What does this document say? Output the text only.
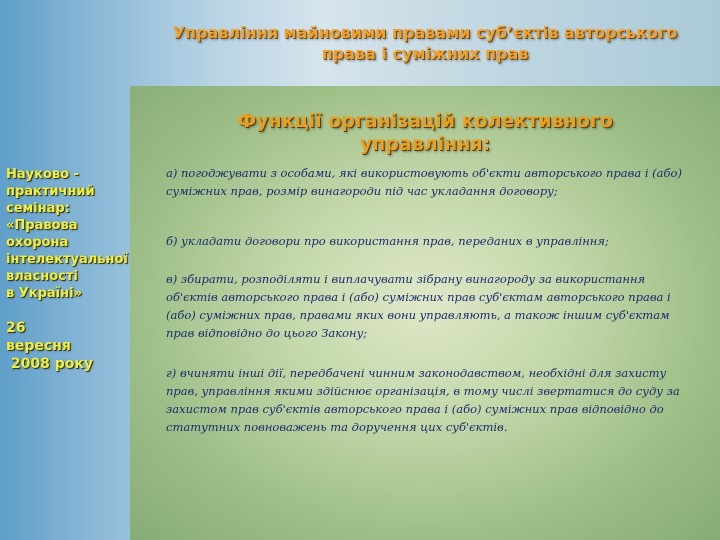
Управління майновими правами суб’єктів авторського
права і суміжних прав
Функції організацій колективного
управління:
Науково -
практичний
семінар:
«Правова
охорона
інтелектуальної
власності
в Україні»
26
вересня
2008 року

а) погоджувати з особами, які використовують об'єкти авторського права і (або) суміжних прав, розмір винагороди під час укладання договору;

б) укладати договори про використання прав, переданих в управління;

в) збирати, розподіляти і виплачувати зібрану винагороду за використання об'єктів авторського права і (або) суміжних прав суб'єктам авторського права і (або) суміжних прав, правами яких вони управляють, а також іншим суб'єктам прав відповідно до цього Закону;

г) вчиняти інші дії, передбачені чинним законодавством, необхідні для захисту прав, управління якими здійснює організація, в тому числі звертатися до суду за захистом прав суб'єктів авторського права і (або) суміжних прав відповідно до статутних повноважень та доручення цих суб'єктів.
